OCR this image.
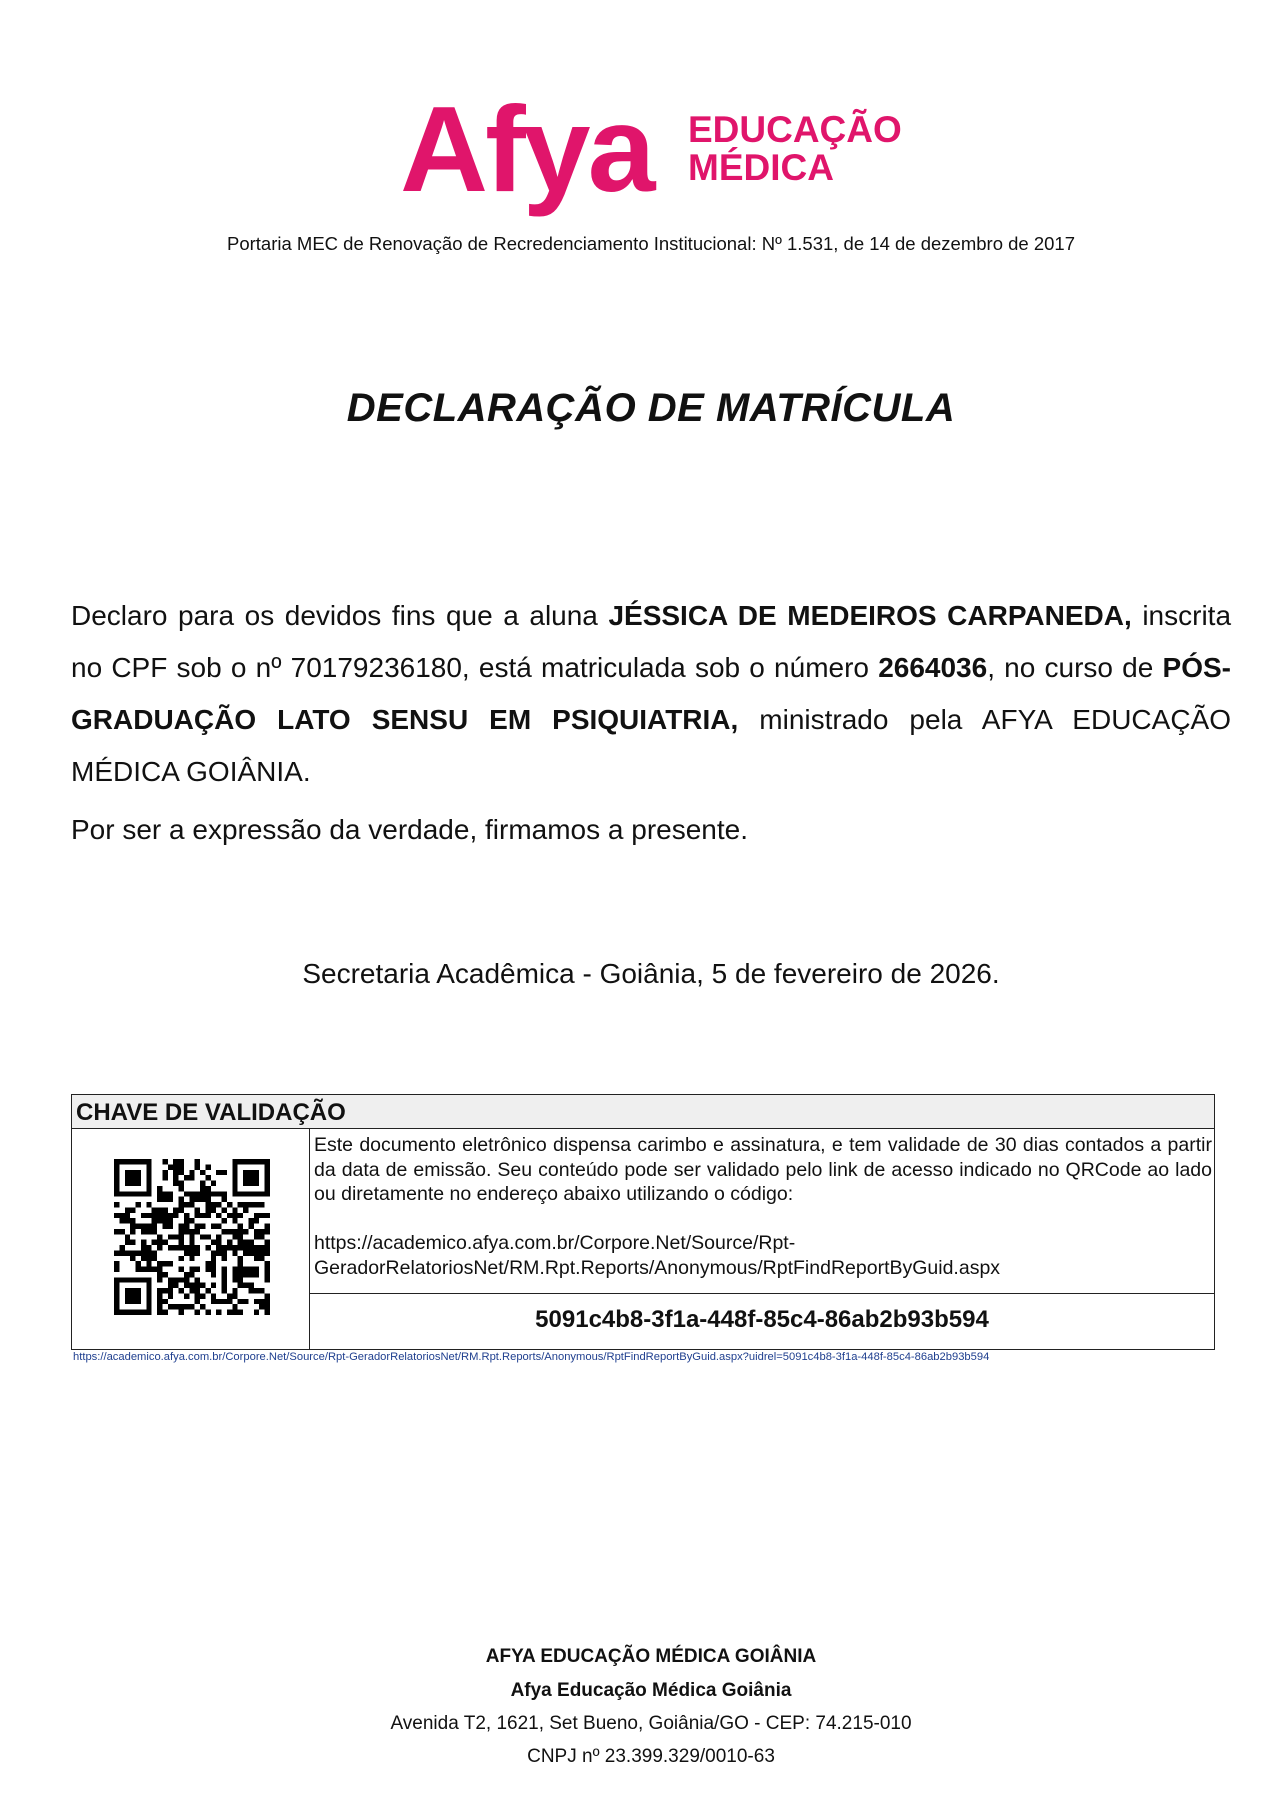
Afya EDUCAÇÃO
MÉDICA
Portaria MEC de Renovação de Recredenciamento Institucional: Nº 1.531, de 14 de dezembro de 2017
DECLARAÇÃO DE MATRÍCULA
Declaro para os devidos fins que a aluna JÉSSICA DE MEDEIROS CARPANEDA, inscrita no CPF sob o nº 70179236180, está matriculada sob o número 2664036, no curso de PÓS-GRADUAÇÃO LATO SENSU EM PSIQUIATRIA, ministrado pela AFYA EDUCAÇÃO MÉDICA GOIÂNIA.
Por ser a expressão da verdade, firmamos a presente.
Secretaria Acadêmica - Goiânia, 5 de fevereiro de 2026.
CHAVE DE VALIDAÇÃO
Este documento eletrônico dispensa carimbo e assinatura, e tem validade de 30 dias contados a partir da data de emissão. Seu conteúdo pode ser validado pelo link de acesso indicado no QRCode ao lado ou diretamente no endereço abaixo utilizando o código:
https://academico.afya.com.br/Corpore.Net/Source/Rpt-
GeradorRelatoriosNet/RM.Rpt.Reports/Anonymous/RptFindReportByGuid.aspx
5091c4b8-3f1a-448f-85c4-86ab2b93b594
https://academico.afya.com.br/Corpore.Net/Source/Rpt-GeradorRelatoriosNet/RM.Rpt.Reports/Anonymous/RptFindReportByGuid.aspx?uidrel=5091c4b8-3f1a-448f-85c4-86ab2b93b594
AFYA EDUCAÇÃO MÉDICA GOIÂNIA
Afya Educação Médica Goiânia
Avenida T2, 1621, Set Bueno, Goiânia/GO - CEP: 74.215-010
CNPJ nº 23.399.329/0010-63
